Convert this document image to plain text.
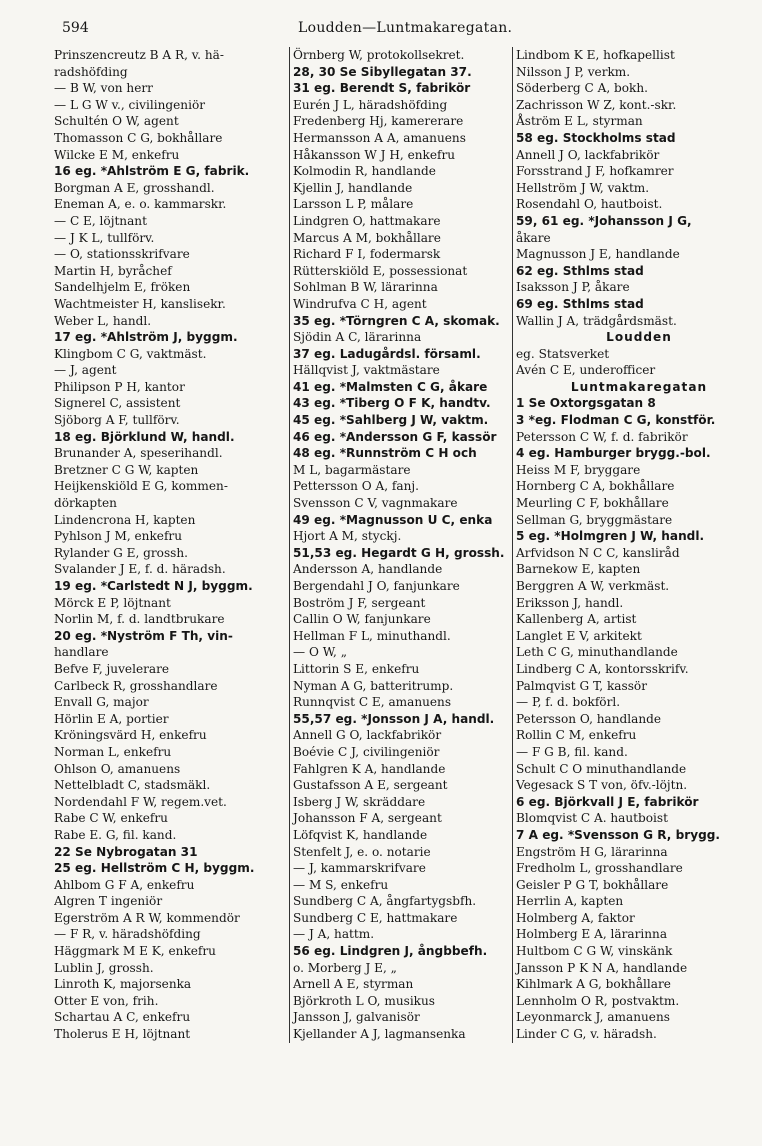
594	Loudden—Luntmakaregatan.
Prinszencreutz B A R, v. hä-
radshöfding
— B W, von herr
— L G W v., civilingeniör
Schultén O W, agent
Thomasson C G, bokhållare
Wilcke E M, enkefru
16 eg. *Ahlström E G, fabrik.
Borgman A E, grosshandl.
Eneman A, e. o. kammarskr.
— C E, löjtnant
— J K L, tullförv.
— O, stationsskrifvare
Martin H, byråchef
Sandelhjelm E, fröken
Wachtmeister H, kanslisekr.
Weber L, handl.
17 eg. *Ahlström J, byggm.
Klingbom C G, vaktmäst.
— J, agent
Philipson P H, kantor
Signerel C, assistent
Sjöborg A F, tullförv.
18 eg. Björklund W, handl.
Brunander A, speserihandl.
Bretzner C G W, kapten
Heijkenskiöld E G, kommen-
dörkapten
Lindencrona H, kapten
Pyhlson J M, enkefru
Rylander G E, grossh.
Svalander J E, f. d. häradsh.
19 eg. *Carlstedt N J, byggm.
Mörck E P, löjtnant
Norlin M, f. d. landtbrukare
20 eg. *Nyström F Th, vin-
handlare
Befve F, juvelerare
Carlbeck R, grosshandlare
Envall G, major
Hörlin E A, portier
Kröningsvärd H, enkefru
Norman L, enkefru
Ohlson O, amanuens
Nettelbladt C, stadsmäkl.
Nordendahl F W, regem.vet.
Rabe C W, enkefru
Rabe E. G, fil. kand.
22 Se Nybrogatan 31
25 eg. Hellström C H, byggm.
Ahlbom G F A, enkefru
Algren T ingeniör
Egerström A R W, kommendör
— F R, v. häradshöfding
Häggmark M E K, enkefru
Lublin J, grossh.
Linroth K, majorsenka
Otter E von, frih.
Schartau A C, enkefru
Tholerus E H, löjtnant
Örnberg W, protokollsekret.
28, 30 Se Sibyllegatan 37.
31 eg. Berendt S, fabrikör
Eurén J L, häradshöfding
Fredenberg Hj, kamererare
Hermansson A A, amanuens
Håkansson W J H, enkefru
Kolmodin R, handlande
Kjellin J, handlande
Larsson L P, målare
Lindgren O, hattmakare
Marcus A M, bokhållare
Richard F I, fodermarsk
Rütterskiöld E, possessionat
Sohlman B W, lärarinna
Windrufva C H, agent
35 eg. *Törngren C A, skomak.
Sjödin A C, lärarinna
37 eg. Ladugårdsl. församl.
Hällqvist J, vaktmästare
41 eg. *Malmsten C G, åkare
43 eg. *Tiberg O F K, handtv.
45 eg. *Sahlberg J W, vaktm.
46 eg. *Andersson G F, kassör
48 eg. *Runnström C H och
M L, bagarmästare
Pettersson O A, fanj.
Svensson C V, vagnmakare
49 eg. *Magnusson U C, enka
Hjort A M, styckj.
51,53 eg. Hegardt G H, grossh.
Andersson A, handlande
Bergendahl J O, fanjunkare
Boström J F, sergeant
Callin O W, fanjunkare
Hellman F L, minuthandl.
— O W, „
Littorin S E, enkefru
Nyman A G, batteritrump.
Runnqvist C E, amanuens
55,57 eg. *Jonsson J A, handl.
Annell G O, lackfabrikör
Boévie C J, civilingeniör
Fahlgren K A, handlande
Gustafsson A E, sergeant
Isberg J W, skräddare
Johansson F A, sergeant
Löfqvist K, handlande
Stenfelt J, e. o. notarie
— J, kammarskrifvare
— M S, enkefru
Sundberg C A, ångfartygsbfh.
Sundberg C E, hattmakare
— J A, hattm.
56 eg. Lindgren J, ångbbefh.
o. Morberg J E, „
Arnell A E, styrman
Björkroth L O, musikus
Jansson J, galvanisör
Kjellander A J, lagmansenka
Lindbom K E, hofkapellist
Nilsson J P, verkm.
Söderberg C A, bokh.
Zachrisson W Z, kont.-skr.
Åström E L, styrman
58 eg. Stockholms stad
Annell J O, lackfabrikör
Forsstrand J F, hofkamrer
Hellström J W, vaktm.
Rosendahl O, hautboist.
59, 61 eg. *Johansson J G,
åkare
Magnusson J E, handlande
62 eg. Sthlms stad
Isaksson J P, åkare
69 eg. Sthlms stad
Wallin J A, trädgårdsmäst.
Loudden
eg. Statsverket
Avén C E, underofficer
Luntmakaregatan
1 Se Oxtorgsgatan 8
3 *eg. Flodman C G, konstför.
Petersson C W, f. d. fabrikör
4 eg. Hamburger brygg.-bol.
Heiss M F, bryggare
Hornberg C A, bokhållare
Meurling C F, bokhållare
Sellman G, bryggmästare
5 eg. *Holmgren J W, handl.
Arfvidson N C C, kansliråd
Barnekow E, kapten
Berggren A W, verkmäst.
Eriksson J, handl.
Kallenberg A, artist
Langlet E V, arkitekt
Leth C G, minuthandlande
Lindberg C A, kontorsskrifv.
Palmqvist G T, kassör
— P, f. d. bokförl.
Petersson O, handlande
Rollin C M, enkefru
— F G B, fil. kand.
Schult C O minuthandlande
Vegesack S T von, öfv.-löjtn.
6 eg. Björkvall J E, fabrikör
Blomqvist C A. hautboist
7 A eg. *Svensson G R, brygg.
Engström H G, lärarinna
Fredholm L, grosshandlare
Geisler P G T, bokhållare
Herrlin A, kapten
Holmberg A, faktor
Holmberg E A, lärarinna
Hultbom C G W, vinskänk
Jansson P K N A, handlande
Kihlmark A G, bokhållare
Lennholm O R, postvaktm.
Leyonmarck J, amanuens
Linder C G, v. häradsh.
